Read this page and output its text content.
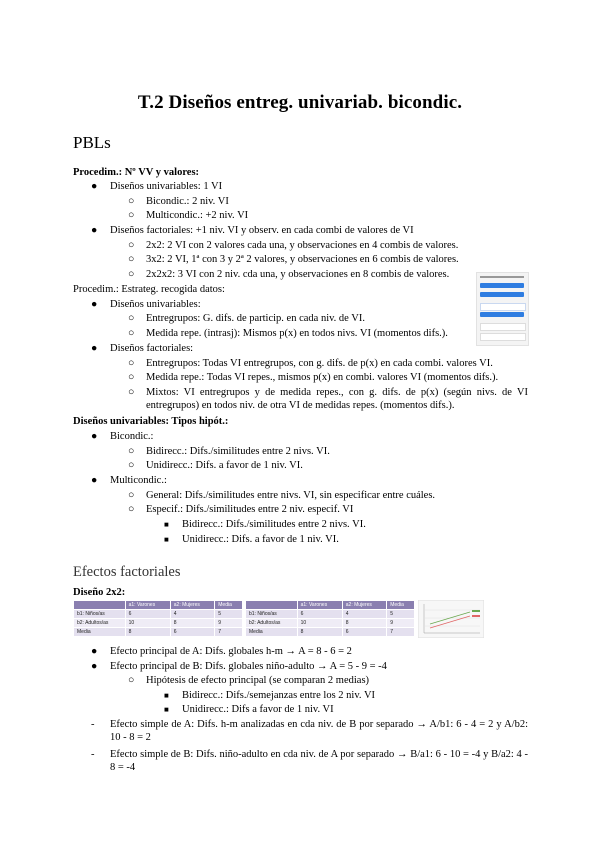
T.2 Diseños entreg. univariab. bicondic.
PBLs
Procedim.: Nº VV y valores:
● Diseños univariables: 1 VI
○ Bicondic.: 2 niv. VI
○ Multicondic.: +2 niv. VI
● Diseños factoriales: +1 niv. VI y observ. en cada combi de valores de VI
○ 2x2: 2 VI con 2 valores cada una, y observaciones en 4 combis de valores.
○ 3x2: 2 VI, 1ª con 3 y 2ª 2 valores, y observaciones en 6 combis de valores.
○ 2x2x2: 3 VI con 2 niv. cda una, y observaciones en 8 combis de valores.
Procedim.: Estrateg. recogida datos:
● Diseños univariables:
○ Entregrupos: G. difs. de particip. en cada niv. de VI.
○ Medida repe. (intrasj): Mismos p(x) en todos nivs. VI (momentos difs.).
● Diseños factoriales:
○ Entregrupos: Todas VI entregrupos, con g. difs. de p(x) en cada combi. valores VI.
○ Medida repe.: Todas VI repes., mismos p(x) en combi. valores VI (momentos difs.).
○ Mixtos: VI entregrupos y de medida repes., con g. difs. de p(x) (según nivs. de VI entregrupos) en todos niv. de otra VI de medidas repes. (momentos difs.).
Diseños univariables: Tipos hipót.:
● Bicondic.:
○ Bidirecc.: Difs./similitudes entre 2 nivs. VI.
○ Unidirecc.: Difs. a favor de 1 niv. VI.
● Multicondic.:
○ General: Difs./similitudes entre nivs. VI, sin especificar entre cuáles.
○ Especif.: Difs./similitudes entre 2 niv. especif. VI
■ Bidirecc.: Difs./similitudes entre 2 nivs. VI.
■ Unidirecc.: Difs. a favor de 1 niv. VI.
Efectos factoriales
Diseño 2x2:
	a1: Varones	a2: Mujeres	Media
b1: Niños/as	6	4	5
b2: Adultos/as	10	8	9
Media	8	6	7
	a1: Varones	a2: Mujeres	Media
b1: Niños/as	6	4	5
b2: Adultos/as	10	8	9
Media	8	6	7
● Efecto principal de A: Difs. globales h-m → A = 8 - 6 = 2
● Efecto principal de B: Difs. globales niño-adulto → A = 5 - 9 = -4
○ Hipótesis de efecto principal (se comparan 2 medias)
■ Bidirecc.: Difs./semejanzas entre los 2 niv. VI
■ Unidirecc.: Difs a favor de 1 niv. VI
- Efecto simple de A: Difs. h-m analizadas en cda niv. de B por separado → A/b1: 6 - 4 = 2 y A/b2: 10 - 8 = 2
- Efecto simple de B: Difs. niño-adulto en cda niv. de A por separado → B/a1: 6 - 10 = -4 y B/a2: 4 - 8 = -4
